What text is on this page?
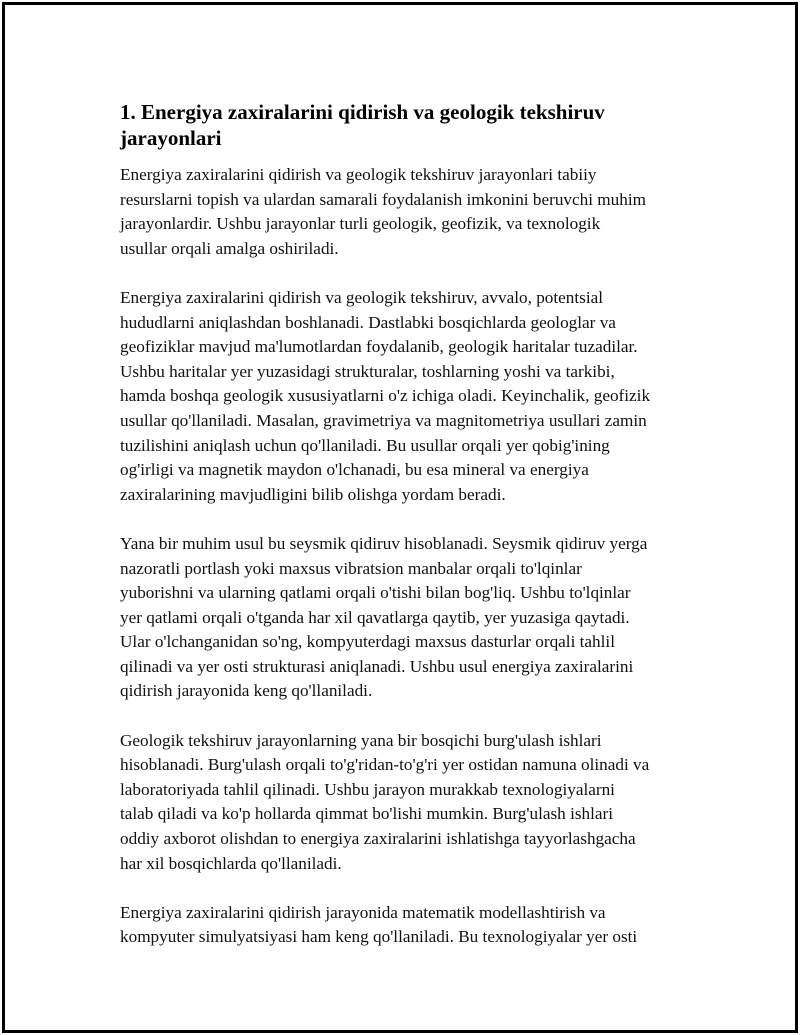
1. Energiya zaxiralarini qidirish va geologik tekshiruv
jarayonlari

Energiya zaxiralarini qidirish va geologik tekshiruv jarayonlari tabiiy
resurslarni topish va ulardan samarali foydalanish imkonini beruvchi muhim
jarayonlardir. Ushbu jarayonlar turli geologik, geofizik, va texnologik
usullar orqali amalga oshiriladi.

Energiya zaxiralarini qidirish va geologik tekshiruv, avvalo, potentsial
hududlarni aniqlashdan boshlanadi. Dastlabki bosqichlarda geologlar va
geofiziklar mavjud ma'lumotlardan foydalanib, geologik haritalar tuzadilar.
Ushbu haritalar yer yuzasidagi strukturalar, toshlarning yoshi va tarkibi,
hamda boshqa geologik xususiyatlarni o'z ichiga oladi. Keyinchalik, geofizik
usullar qo'llaniladi. Masalan, gravimetriya va magnitometriya usullari zamin
tuzilishini aniqlash uchun qo'llaniladi. Bu usullar orqali yer qobig'ining
og'irligi va magnetik maydon o'lchanadi, bu esa mineral va energiya
zaxiralarining mavjudligini bilib olishga yordam beradi.

Yana bir muhim usul bu seysmik qidiruv hisoblanadi. Seysmik qidiruv yerga
nazoratli portlash yoki maxsus vibratsion manbalar orqali to'lqinlar
yuborishni va ularning qatlami orqali o'tishi bilan bog'liq. Ushbu to'lqinlar
yer qatlami orqali o'tganda har xil qavatlarga qaytib, yer yuzasiga qaytadi.
Ular o'lchanganidan so'ng, kompyuterdagi maxsus dasturlar orqali tahlil
qilinadi va yer osti strukturasi aniqlanadi. Ushbu usul energiya zaxiralarini
qidirish jarayonida keng qo'llaniladi.

Geologik tekshiruv jarayonlarning yana bir bosqichi burg'ulash ishlari
hisoblanadi. Burg'ulash orqali to'g'ridan-to'g'ri yer ostidan namuna olinadi va
laboratoriyada tahlil qilinadi. Ushbu jarayon murakkab texnologiyalarni
talab qiladi va ko'p hollarda qimmat bo'lishi mumkin. Burg'ulash ishlari
oddiy axborot olishdan to energiya zaxiralarini ishlatishga tayyorlashgacha
har xil bosqichlarda qo'llaniladi.

Energiya zaxiralarini qidirish jarayonida matematik modellashtirish va
kompyuter simulyatsiyasi ham keng qo'llaniladi. Bu texnologiyalar yer osti
